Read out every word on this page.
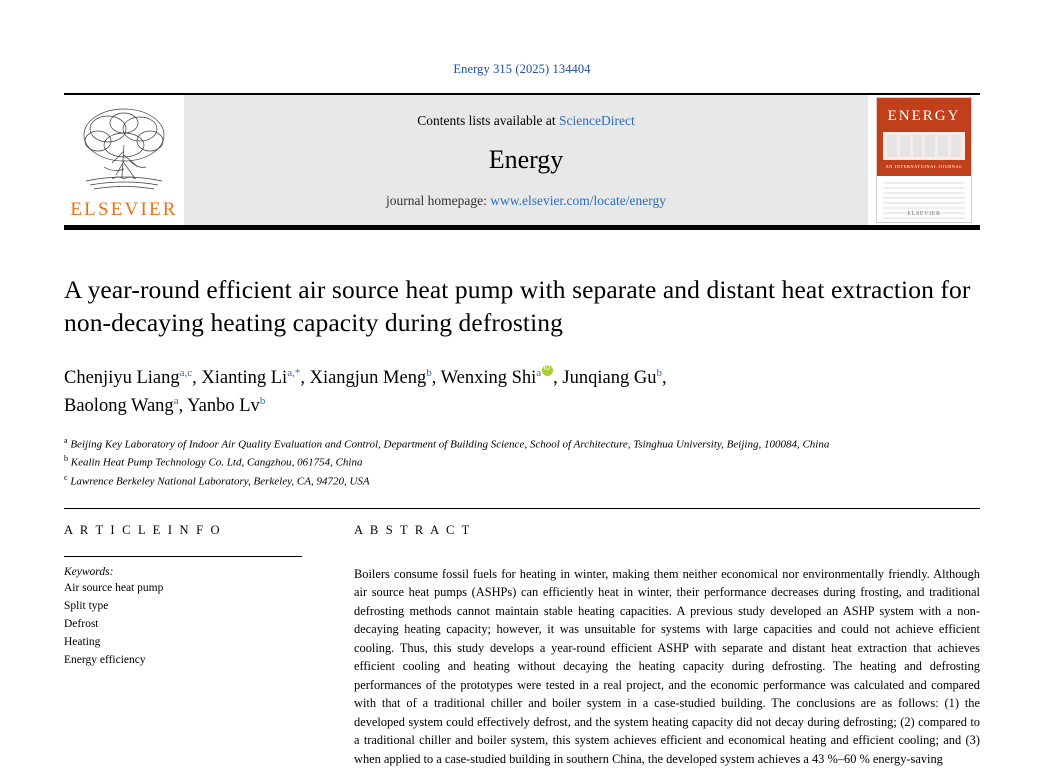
Energy 315 (2025) 134404
ELSEVIER
Contents lists available at ScienceDirect
Energy
journal homepage: www.elsevier.com/locate/energy
ENERGY
AN INTERNATIONAL JOURNAL
ELSEVIER
A year-round efficient air source heat pump with separate and distant heat extraction for non-decaying heating capacity during defrosting
Chenjiyu Liang$^{a,c}$, Xianting $Li^{a,*}$, Xiangjun Meng$^b$, Wenxing Shi$^a$ iD , Junqiang Gu$^b$,
Baolong Wang$^a$, Yanbo Lv$^b$
$^a$ Beijing Key Laboratory of Indoor Air Quality Evaluation and Control, Department of Building Science, School of Architecture, Tsinghua University, Beijing, 100084, China
$^b$ Kealin Heat Pump Technology Co. Ltd, Cangzhou, 061754, China
$^c$ Lawrence Berkeley National Laboratory, Berkeley, CA, 94720, USA
A R T I C L E I N F O
Keywords:
Air source heat pump
Split type
Defrost
Heating
Energy efficiency
A B S T R A C T
Boilers consume fossil fuels for heating in winter, making them neither economical nor environmentally friendly. Although air source heat pumps (ASHPs) can efficiently heat in winter, their performance decreases during frosting, and traditional defrosting methods cannot maintain stable heating capacities. A previous study developed an ASHP system with a non-decaying heating capacity; however, it was unsuitable for systems with large capacities and could not achieve efficient cooling. Thus, this study develops a year-round efficient ASHP with separate and distant heat extraction that achieves efficient cooling and heating without decaying the heating capacity during defrosting. The heating and defrosting performances of the prototypes were tested in a real project, and the economic performance was calculated and compared with that of a traditional chiller and boiler system in a case-studied building. The conclusions are as follows: (1) the developed system could effectively defrost, and the system heating capacity did not decay during defrosting; (2) compared to a traditional chiller and boiler system, this system achieves efficient and economical heating and efficient cooling; and (3) when applied to a case-studied building in southern China, the developed system achieves a 43 %–60 % energy-saving
